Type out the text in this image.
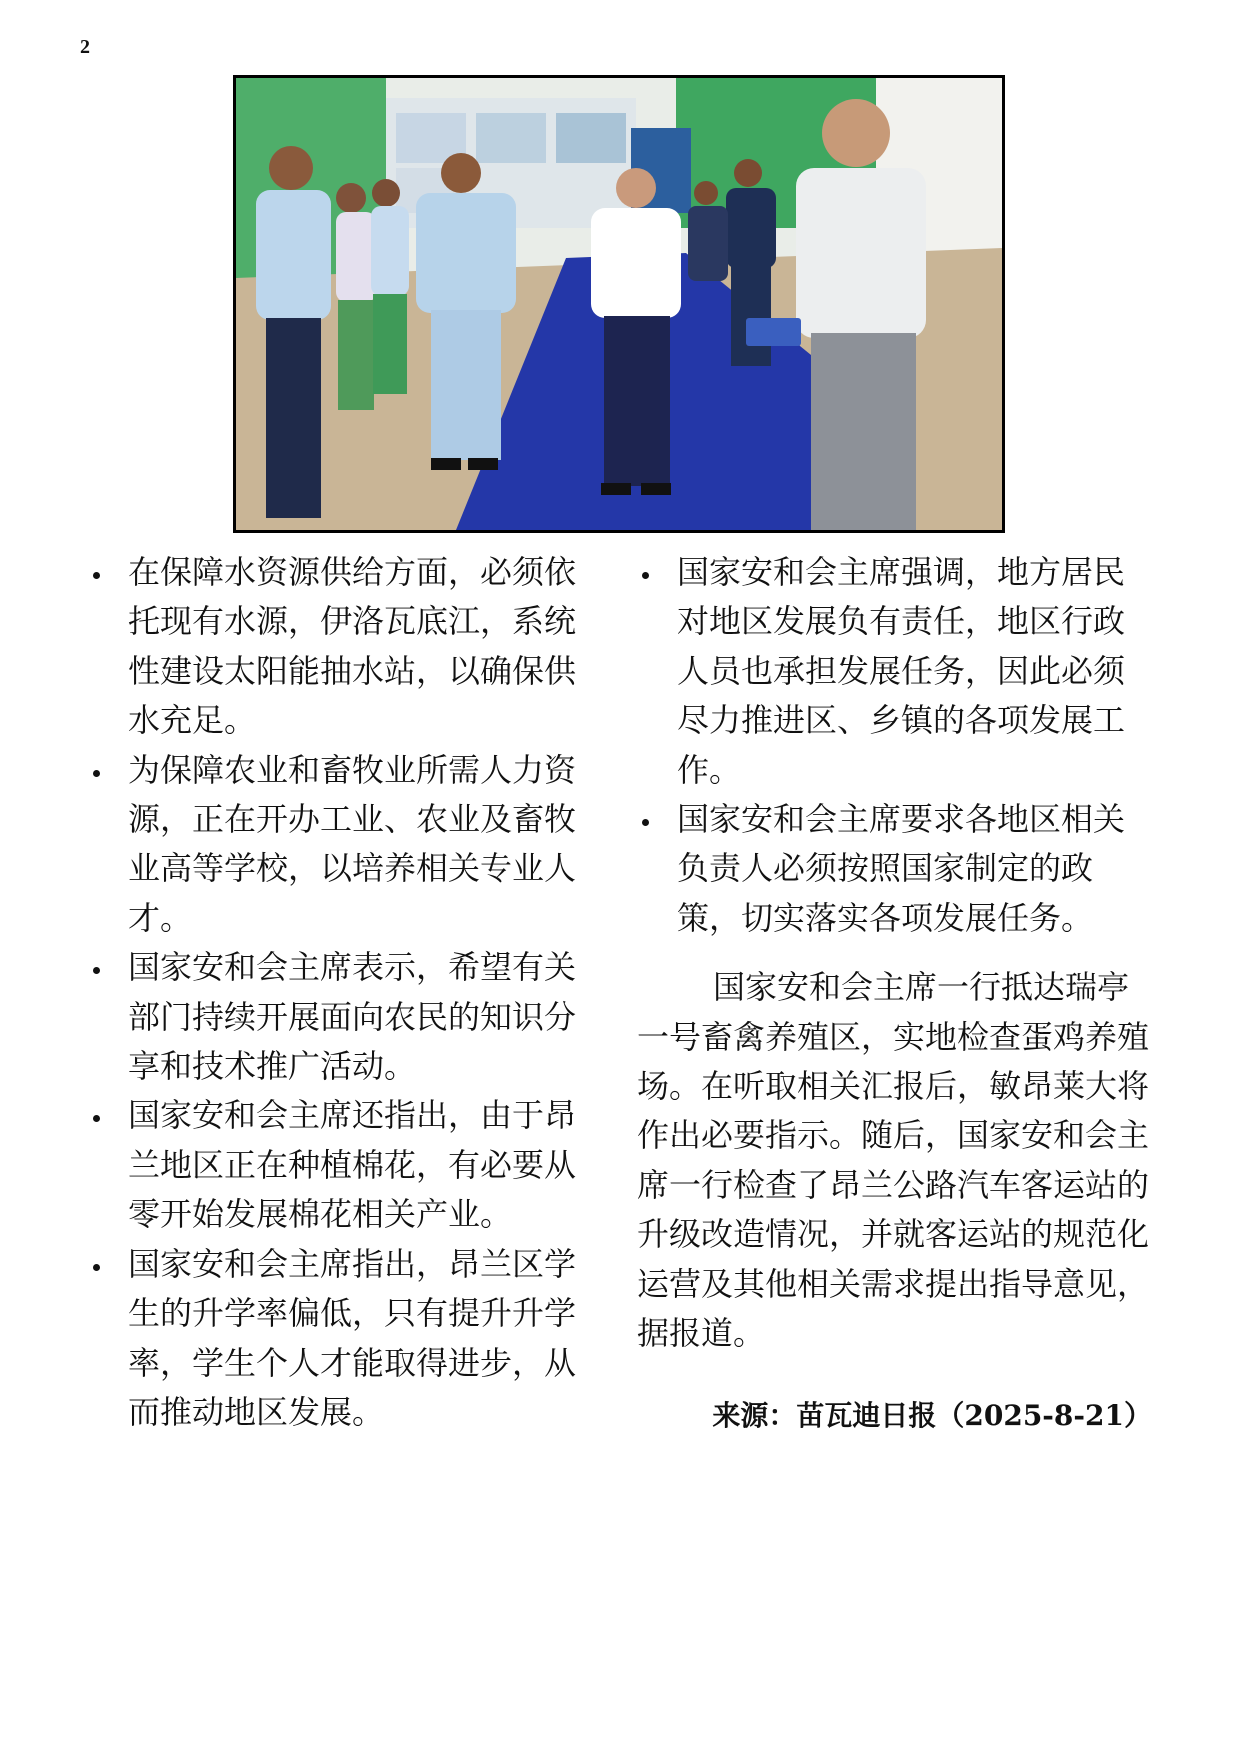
2
在保障水资源供给方面，必须依托现有水源，伊洛瓦底江，系统性建设太阳能抽水站，以确保供水充足。
为保障农业和畜牧业所需人力资源，正在开办工业、农业及畜牧业高等学校，以培养相关专业人才。
国家安和会主席表示，希望有关部门持续开展面向农民的知识分享和技术推广活动。
国家安和会主席还指出，由于昂兰地区正在种植棉花，有必要从零开始发展棉花相关产业。
国家安和会主席指出，昂兰区学生的升学率偏低，只有提升升学率，学生个人才能取得进步，从而推动地区发展。
国家安和会主席强调，地方居民对地区发展负有责任，地区行政人员也承担发展任务，因此必须尽力推进区、乡镇的各项发展工作。
国家安和会主席要求各地区相关负责人必须按照国家制定的政策，切实落实各项发展任务。

国家安和会主席一行抵达瑞亭一号畜禽养殖区，实地检查蛋鸡养殖场。在听取相关汇报后，敏昂莱大将作出必要指示。随后，国家安和会主席一行检查了昂兰公路汽车客运站的升级改造情况，并就客运站的规范化运营及其他相关需求提出指导意见，据报道。

来源：苗瓦迪日报（2025-8-21）
